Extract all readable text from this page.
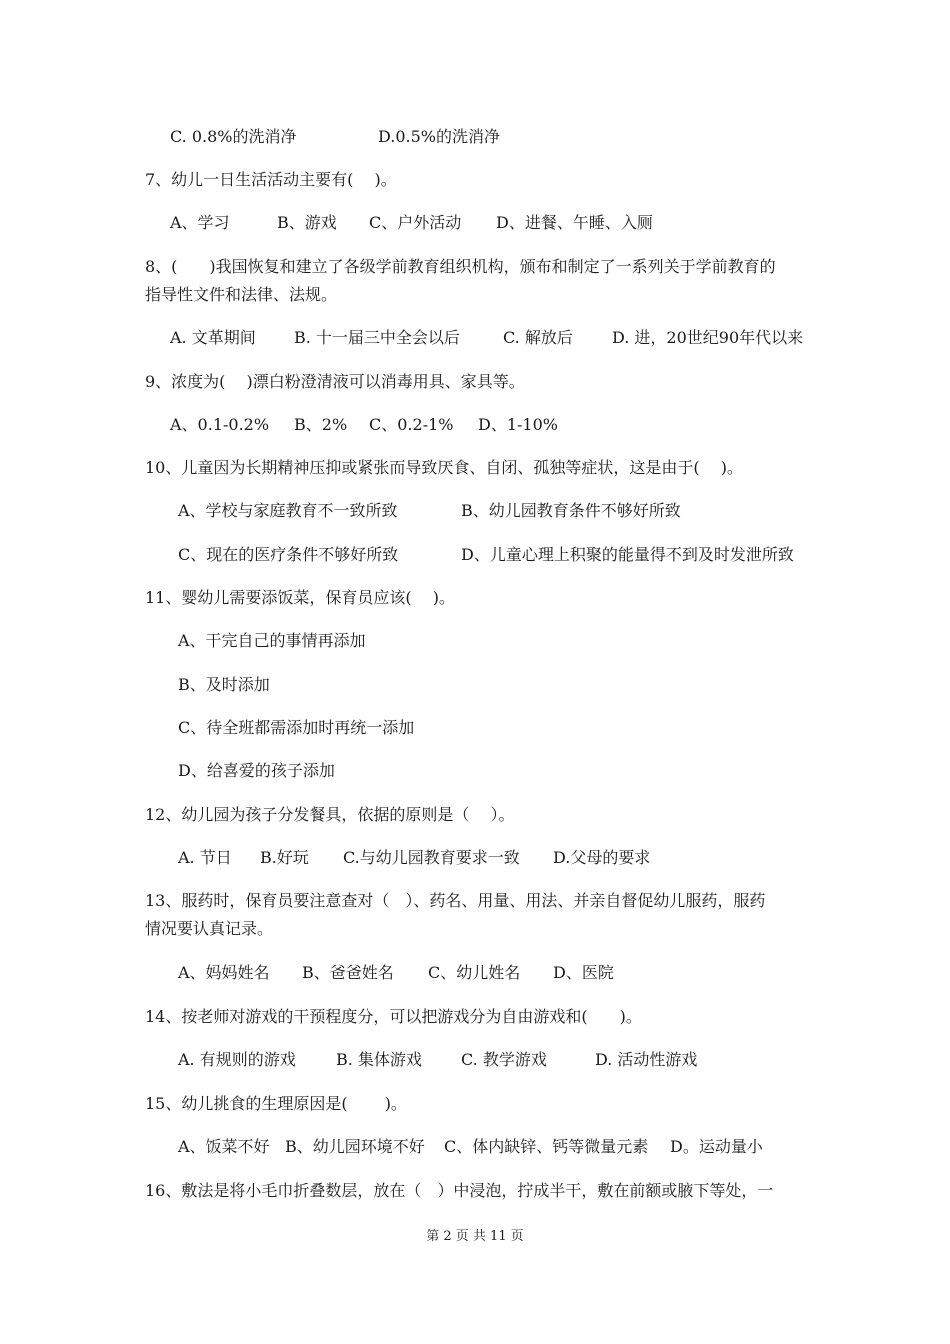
C. 0.8%的洗消净	D.0.5%的洗消净
7、幼儿一日生活活动主要有(　 )。
A、学习	B、游戏 C、户外活动 D、进餐、午睡、入厕
8、(　　)我国恢复和建立了各级学前教育组织机构，颁布和制定了一系列关于学前教育的
指导性文件和法律、法规。
A. 文革期间 B. 十一届三中全会以后	C. 解放后 D. 进，20世纪90年代以来
9、浓度为(　 )漂白粉澄清液可以消毒用具、家具等。
A、0.1-0.2% B、2% C、0.2-1% D、1-10%
10、儿童因为长期精神压抑或紧张而导致厌食、自闭、孤独等症状，这是由于(　 )。
A、学校与家庭教育不一致所致	B、幼儿园教育条件不够好所致
C、现在的医疗条件不够好所致	D、儿童心理上积聚的能量得不到及时发泄所致
11、婴幼儿需要添饭菜，保育员应该(　 )。
A、干完自己的事情再添加
B、及时添加
C、待全班都需添加时再统一添加
D、给喜爱的孩子添加
12、幼儿园为孩子分发餐具，依据的原则是（　 ）。
A. 节日 B.好玩 C.与幼儿园教育要求一致 D.父母的要求
13、服药时，保育员要注意查对（　）、药名、用量、用法、并亲自督促幼儿服药，服药
情况要认真记录。
A、妈妈姓名 B、爸爸姓名 C、幼儿姓名 D、医院
14、按老师对游戏的干预程度分，可以把游戏分为自由游戏和(　　)。
A. 有规则的游戏	B. 集体游戏 C. 教学游戏	D. 活动性游戏
15、幼儿挑食的生理原因是(　　 )。
A、饭菜不好 B、幼儿园环境不好 C、体内缺锌、钙等微量元素 D。运动量小
16、敷法是将小毛巾折叠数层，放在（　）中浸泡，拧成半干，敷在前额或腋下等处，一
第 2 页 共 11 页
